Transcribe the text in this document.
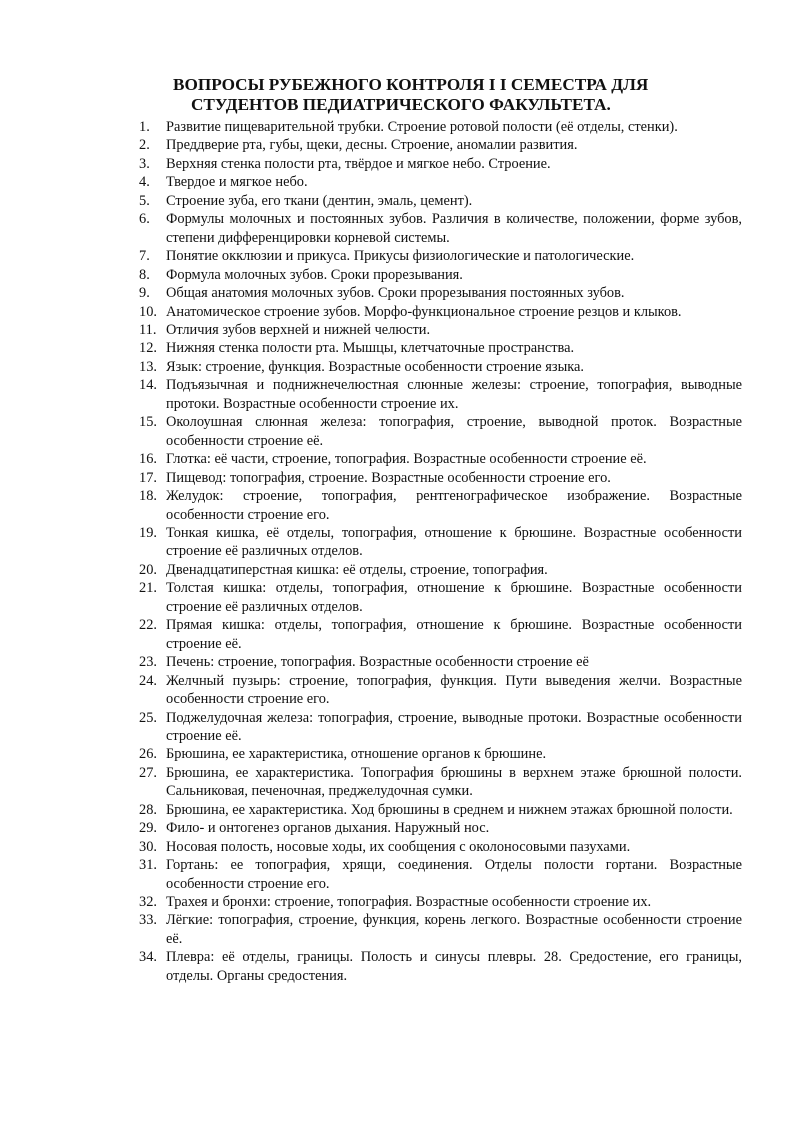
ВОПРОСЫ РУБЕЖНОГО КОНТРОЛЯ I I СЕМЕСТРА ДЛЯ
СТУДЕНТОВ ПЕДИАТРИЧЕСКОГО ФАКУЛЬТЕТА.
1. Развитие пищеварительной трубки. Строение ротовой полости (её отделы, стенки).
2. Преддверие рта, губы, щеки, десны. Строение, аномалии развития.
3. Верхняя стенка полости рта, твёрдое и мягкое небо. Строение.
4. Твердое и мягкое небо.
5. Строение зуба, его ткани (дентин, эмаль, цемент).
6. Формулы молочных и постоянных зубов. Различия в количестве, положении, форме зубов, степени дифференцировки корневой системы.
7. Понятие окклюзии и прикуса. Прикусы физиологические и патологические.
8. Формула молочных зубов. Сроки прорезывания.
9. Общая анатомия молочных зубов. Сроки прорезывания постоянных зубов.
10. Анатомическое строение зубов. Морфо-функциональное строение резцов и клыков.
11. Отличия зубов верхней и нижней челюсти.
12. Нижняя стенка полости рта. Мышцы, клетчаточные пространства.
13. Язык: строение, функция. Возрастные особенности строение языка.
14. Подъязычная и поднижнечелюстная слюнные железы: строение, топография, выводные протоки. Возрастные особенности строение их.
15. Околоушная слюнная железа: топография, строение, выводной проток. Возрастные особенности строение её.
16. Глотка: её части, строение, топография. Возрастные особенности строение её.
17. Пищевод: топография, строение. Возрастные особенности строение его.
18. Желудок: строение, топография, рентгенографическое изображение. Возрастные особенности строение его.
19. Тонкая кишка, её отделы, топография, отношение к брюшине. Возрастные особенности строение её различных отделов.
20. Двенадцатиперстная кишка: её отделы, строение, топография.
21. Толстая кишка: отделы, топография, отношение к брюшине. Возрастные особенности строение её различных отделов.
22. Прямая кишка: отделы, топография, отношение к брюшине. Возрастные особенности строение её.
23. Печень: строение, топография. Возрастные особенности строение её
24. Желчный пузырь: строение, топография, функция. Пути выведения желчи. Возрастные особенности строение его.
25. Поджелудочная железа: топография, строение, выводные протоки. Возрастные особенности строение её.
26. Брюшина, ее характеристика, отношение органов к брюшине.
27. Брюшина, ее характеристика. Топография брюшины в верхнем этаже брюшной полости. Сальниковая, печеночная, преджелудочная сумки.
28. Брюшина, ее характеристика. Ход брюшины в среднем и нижнем этажах брюшной полости.
29. Фило- и онтогенез органов дыхания. Наружный нос.
30. Носовая полость, носовые ходы, их сообщения с околоносовыми пазухами.
31. Гортань: ее топография, хрящи, соединения. Отделы полости гортани. Возрастные особенности строение его.
32. Трахея и бронхи: строение, топография. Возрастные особенности строение их.
33. Лёгкие: топография, строение, функция, корень легкого. Возрастные особенности строение её.
34. Плевра: её отделы, границы. Полость и синусы плевры. 28. Средостение, его границы, отделы. Органы средостения.
